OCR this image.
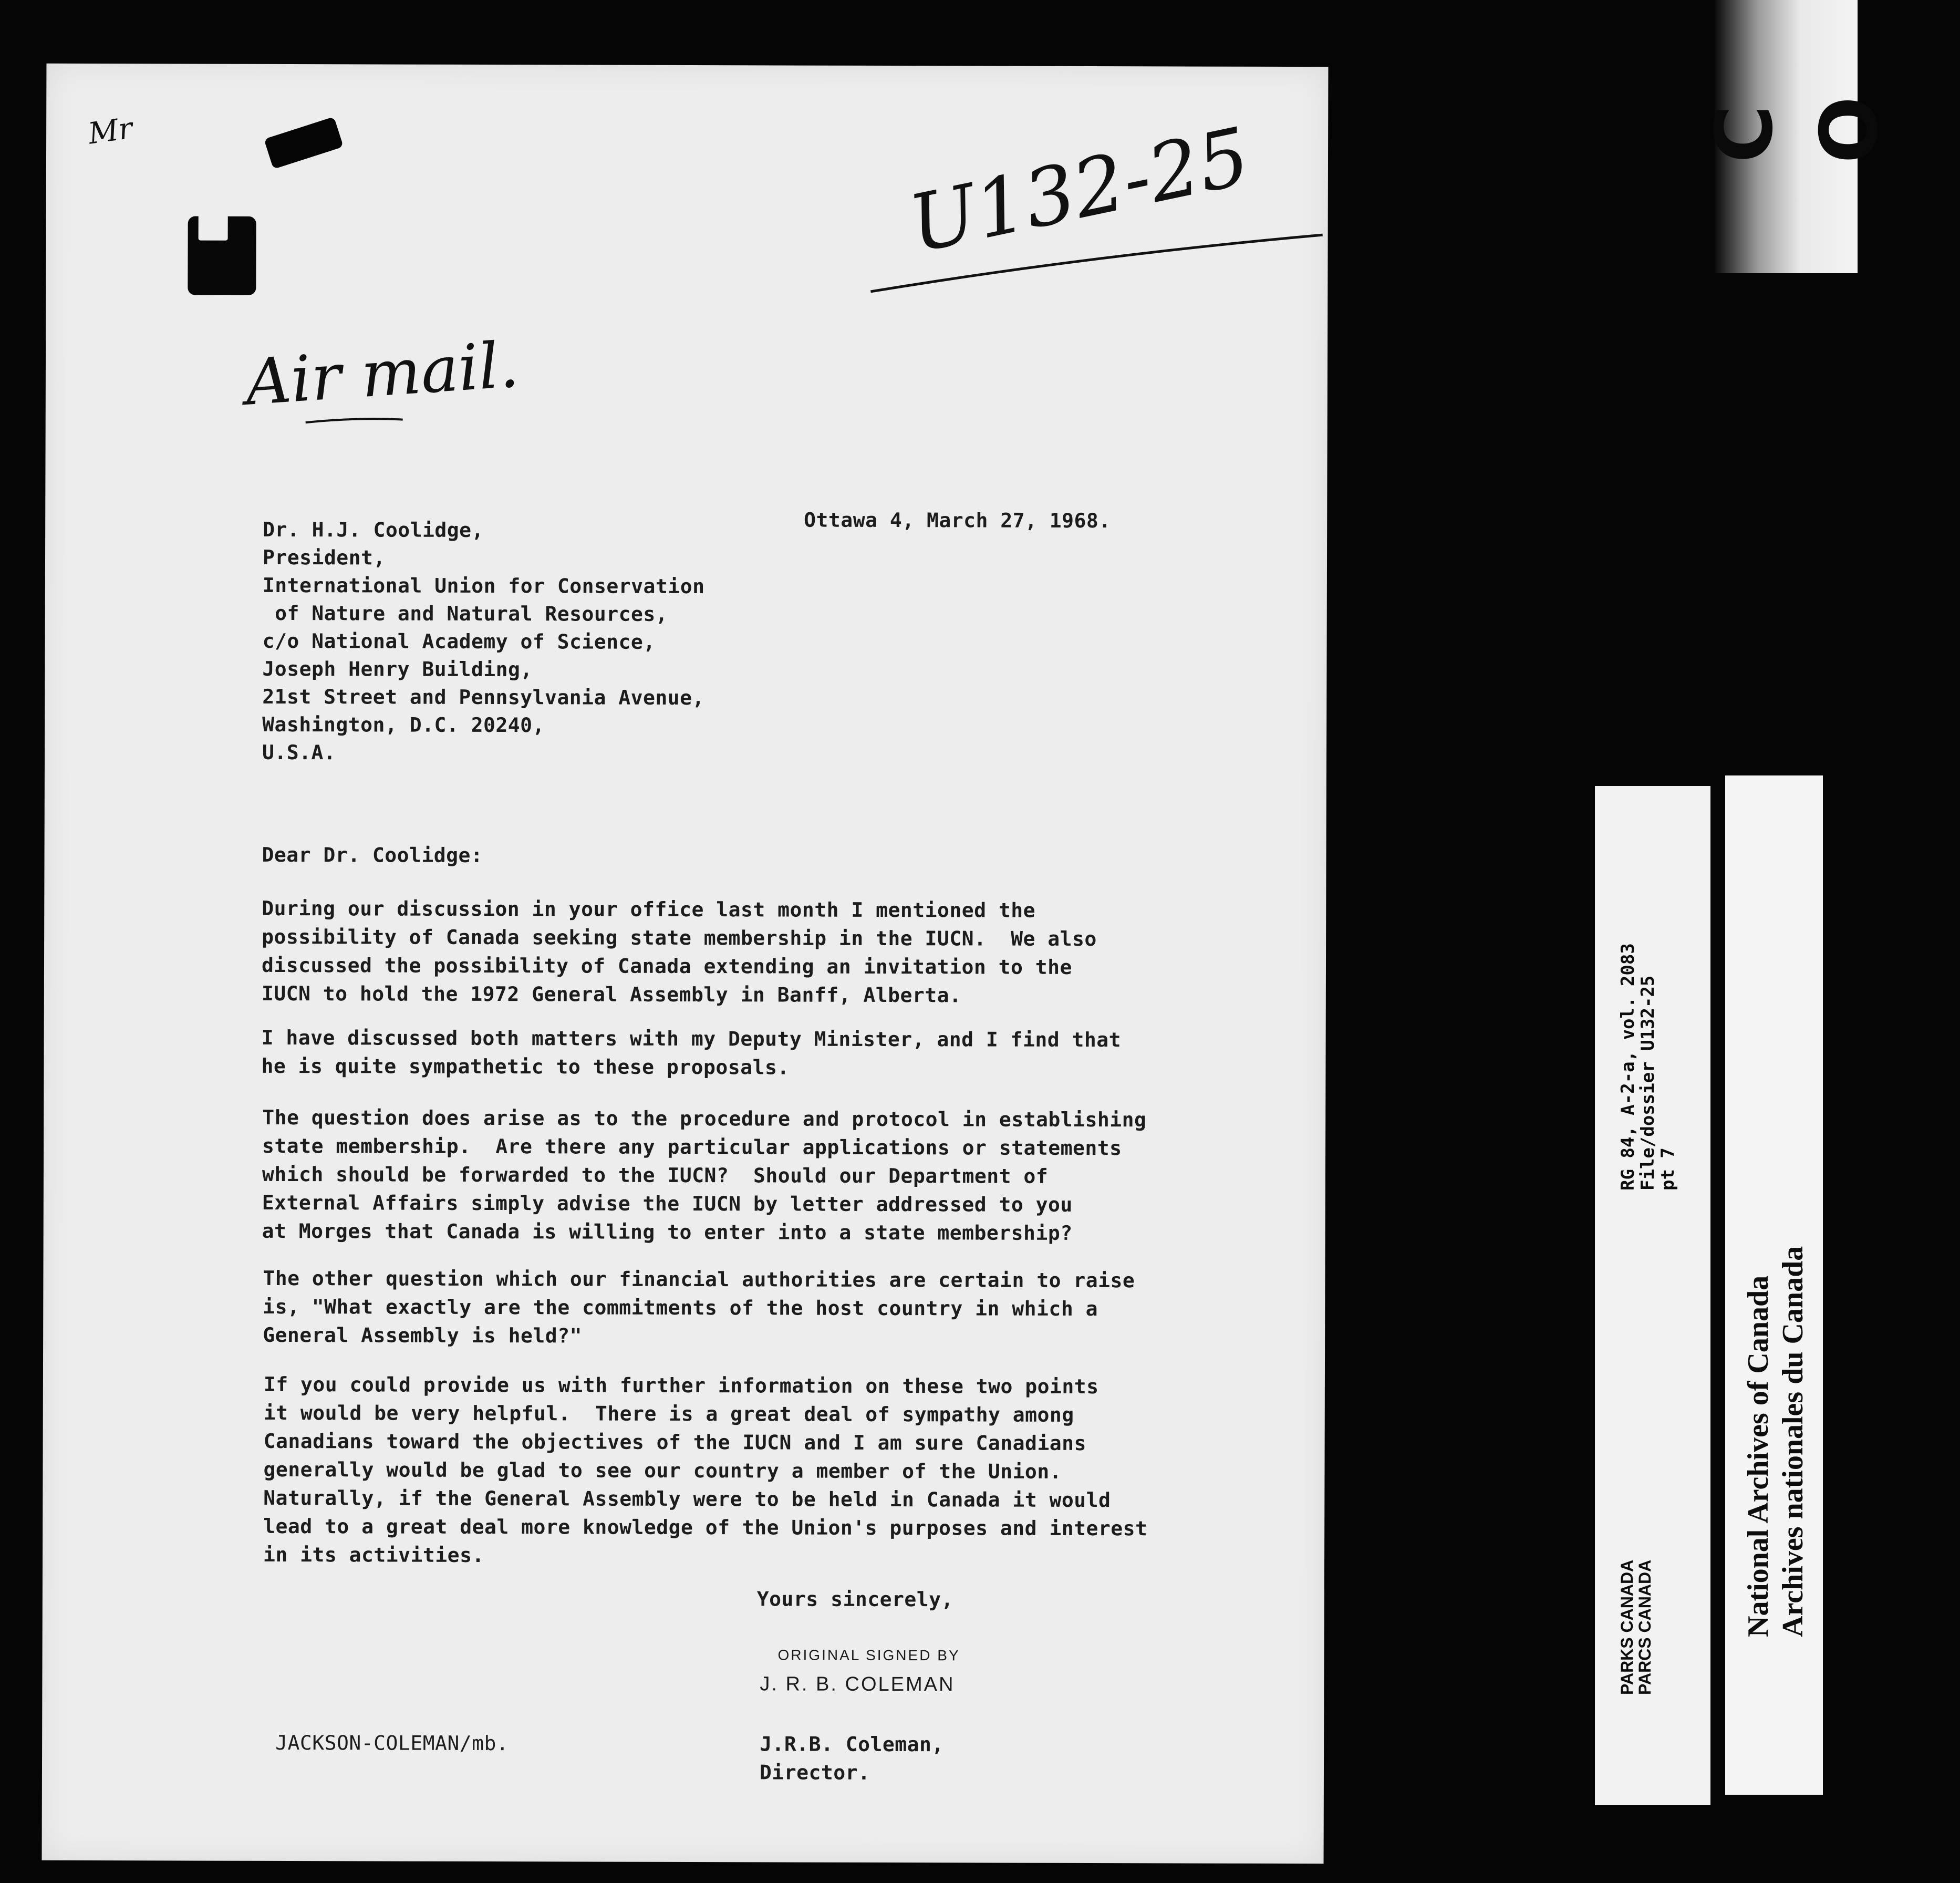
C O
Mr	U132-25
Air mail.
Ottawa 4, March 27, 1968.
Dr. H.J. Coolidge,
President,
International Union for Conservation
of Nature and Natural Resources,
c/o National Academy of Science,
Joseph Henry Building,
21st Street and Pennsylvania Avenue,
Washington, D.C. 20240,
U.S.A.
Dear Dr. Coolidge:
During our discussion in your office last month I mentioned the
possibility of Canada seeking state membership in the IUCN.  We also
discussed the possibility of Canada extending an invitation to the
IUCN to hold the 1972 General Assembly in Banff, Alberta.
I have discussed both matters with my Deputy Minister, and I find that
he is quite sympathetic to these proposals.
The question does arise as to the procedure and protocol in establishing
state membership.  Are there any particular applications or statements
which should be forwarded to the IUCN?  Should our Department of
External Affairs simply advise the IUCN by letter addressed to you
at Morges that Canada is willing to enter into a state membership?
The other question which our financial authorities are certain to raise
is, "What exactly are the commitments of the host country in which a
General Assembly is held?"
If you could provide us with further information on these two points
it would be very helpful.  There is a great deal of sympathy among
Canadians toward the objectives of the IUCN and I am sure Canadians
generally would be glad to see our country a member of the Union.
Naturally, if the General Assembly were to be held in Canada it would
lead to a great deal more knowledge of the Union's purposes and interest
in its activities.
Yours sincerely,
ORIGINAL SIGNED BY
J. R. B. COLEMAN
JACKSON-COLEMAN/mb.	J.R.B. Coleman,
Director.
RG 84, A-2-a, vol. 2083
File/dossier U132-25
pt 7
PARKS CANADA
PARCS CANADA	National Archives of Canada
Archives nationales du Canada
